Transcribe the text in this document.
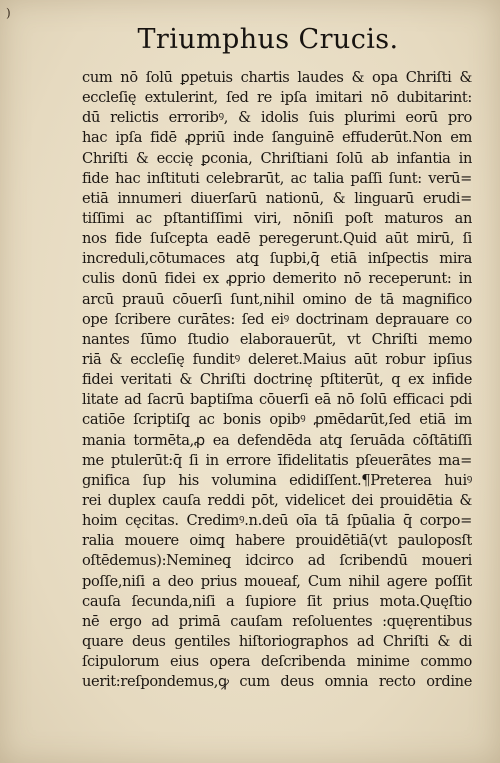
)
Triumphus Crucis.
cum nō ſolū ꝑpetuis chartis laudes & opa Chriſti &
eccleſię extulerint, ſed re ipſa imitari nō dubitarint:
dū relictis erroribꝰ, & idolis ſuis plurimi eorū pro
hac ipſa fidē ꝓpriū inde ſanguinē effuderūt.Non em
Chriſti & eccię ꝑconia, Chriſtiani ſolū ab infantia in
fide hac inſtituti celebrarūt, ac talia paſſi ſunt: verū=
etiā innumeri diuerſarū nationū, & linguarū erudi=
tiſſimi ac pſtantiſſimi viri, nōniſi poſt maturos an
nos fide ſuſcepta eadē peregerunt.Quid aūt mirū, ſi
increduli,cōtumaces atq̧ ſupbi,q̄ etiā inſpectis mira
culis donū fidei ex ꝓprio demerito nō receperunt: in
arcū prauū cōuerſi ſunt,nihil omino de tā magnifico
ope ſcribere curātes: ſed eiꝰ doctrinam deprauare co
nantes ſūmo ſtudio elaborauerūt, vt Chriſti memo
riā & eccleſię funditꝰ deleret.Maius aūt robur ipſius
fidei veritati & Chriſti doctrinę pſtiterūt, q ex infide
litate ad ſacrū baptiſma cōuerſi eā nō ſolū efficaci pdi
catiōe ſcriptiſq̧ ac bonis opibꝰ ꝓmēdarūt,ſed etiā im
mania tormēta,ꝓ ea defendēda atq̧ ſeruāda cōſtātiſſi
me ptulerūt:q̄ ſi in errore īfidelitatis pſeuerātes ma=
gnifica ſup his volumina edidiſſent.¶Preterea huiꝰ
rei duplex cauſa reddi pōt, videlicet dei prouidētia &
hoim cęcitas. Credimꝰ.n.deū oīa tā ſpūalia q̄ corpo=
ralia mouere oimq̧ habere prouidētiā(vt pauloposſt
oſtēdemus):Nemineq̧ idcirco ad ſcribendū moueri
poſſe,niſi a deo prius moueaf, Cum nihil agere poſſit
cauſa ſecunda,niſi a ſupiore ſit prius mota.Quęſtio
nē ergo ad primā cauſam reſoluentes :quęrentibus
quare deus gentiles hiſtoriographos ad Chriſti & di
ſcipulorum eius opera deſcribenda minime commo
uerit:reſpondemus,ꝙ cum deus omnia recto ordine
